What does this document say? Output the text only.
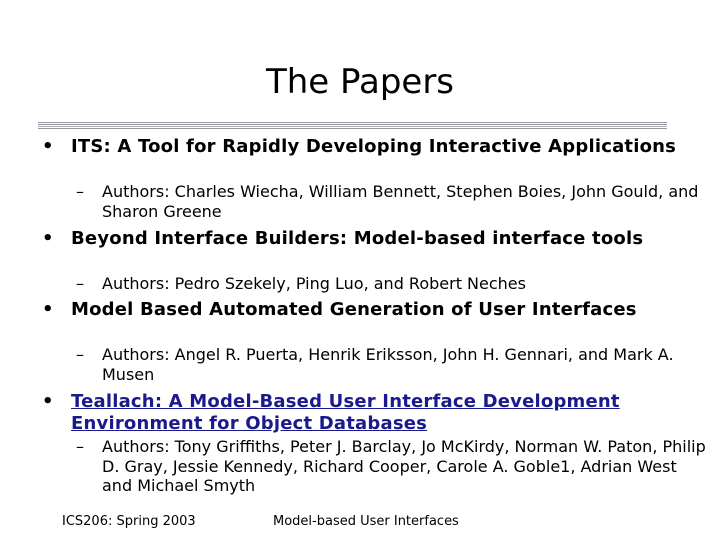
The Papers
• ITS: A Tool for Rapidly Developing Interactive Applications
–	Authors: Charles Wiecha, William Bennett, Stephen Boies, John Gould, and Sharon Greene
• Beyond Interface Builders: Model-based interface tools
–	Authors: Pedro Szekely, Ping Luo, and Robert Neches
• Model Based Automated Generation of User Interfaces
–	Authors: Angel R. Puerta, Henrik Eriksson, John H. Gennari, and Mark A. Musen
• Teallach: A Model-Based User Interface Development Environment for Object Databases
–	Authors: Tony Griffiths, Peter J. Barclay, Jo McKirdy, Norman W. Paton, Philip D. Gray, Jessie Kennedy, Richard Cooper, Carole A. Goble1, Adrian West and Michael Smyth
ICS206: Spring 2003	Model-based User Interfaces
